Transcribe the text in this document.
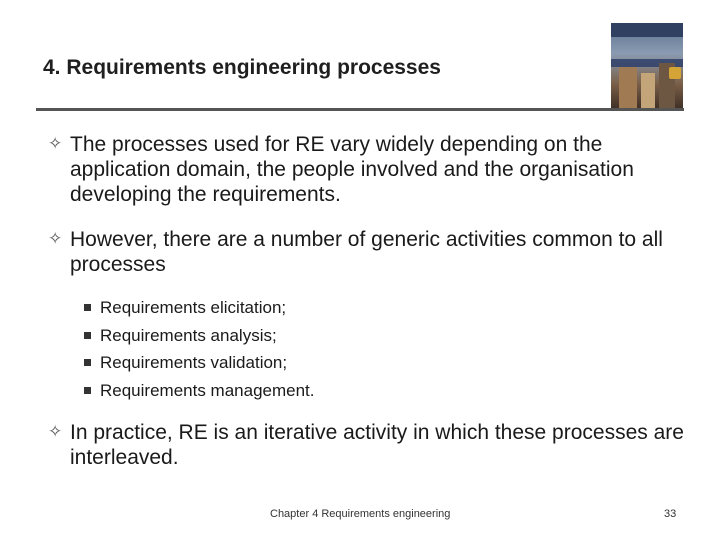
4. Requirements engineering processes
✧ The processes used for RE vary widely depending on the application domain, the people involved and the organisation developing the requirements.
✧ However, there are a number of generic activities common to all processes
Requirements elicitation;
Requirements analysis;
Requirements validation;
Requirements management.
✧ In practice, RE is an iterative activity in which these processes are interleaved.
Chapter 4 Requirements engineering	33
